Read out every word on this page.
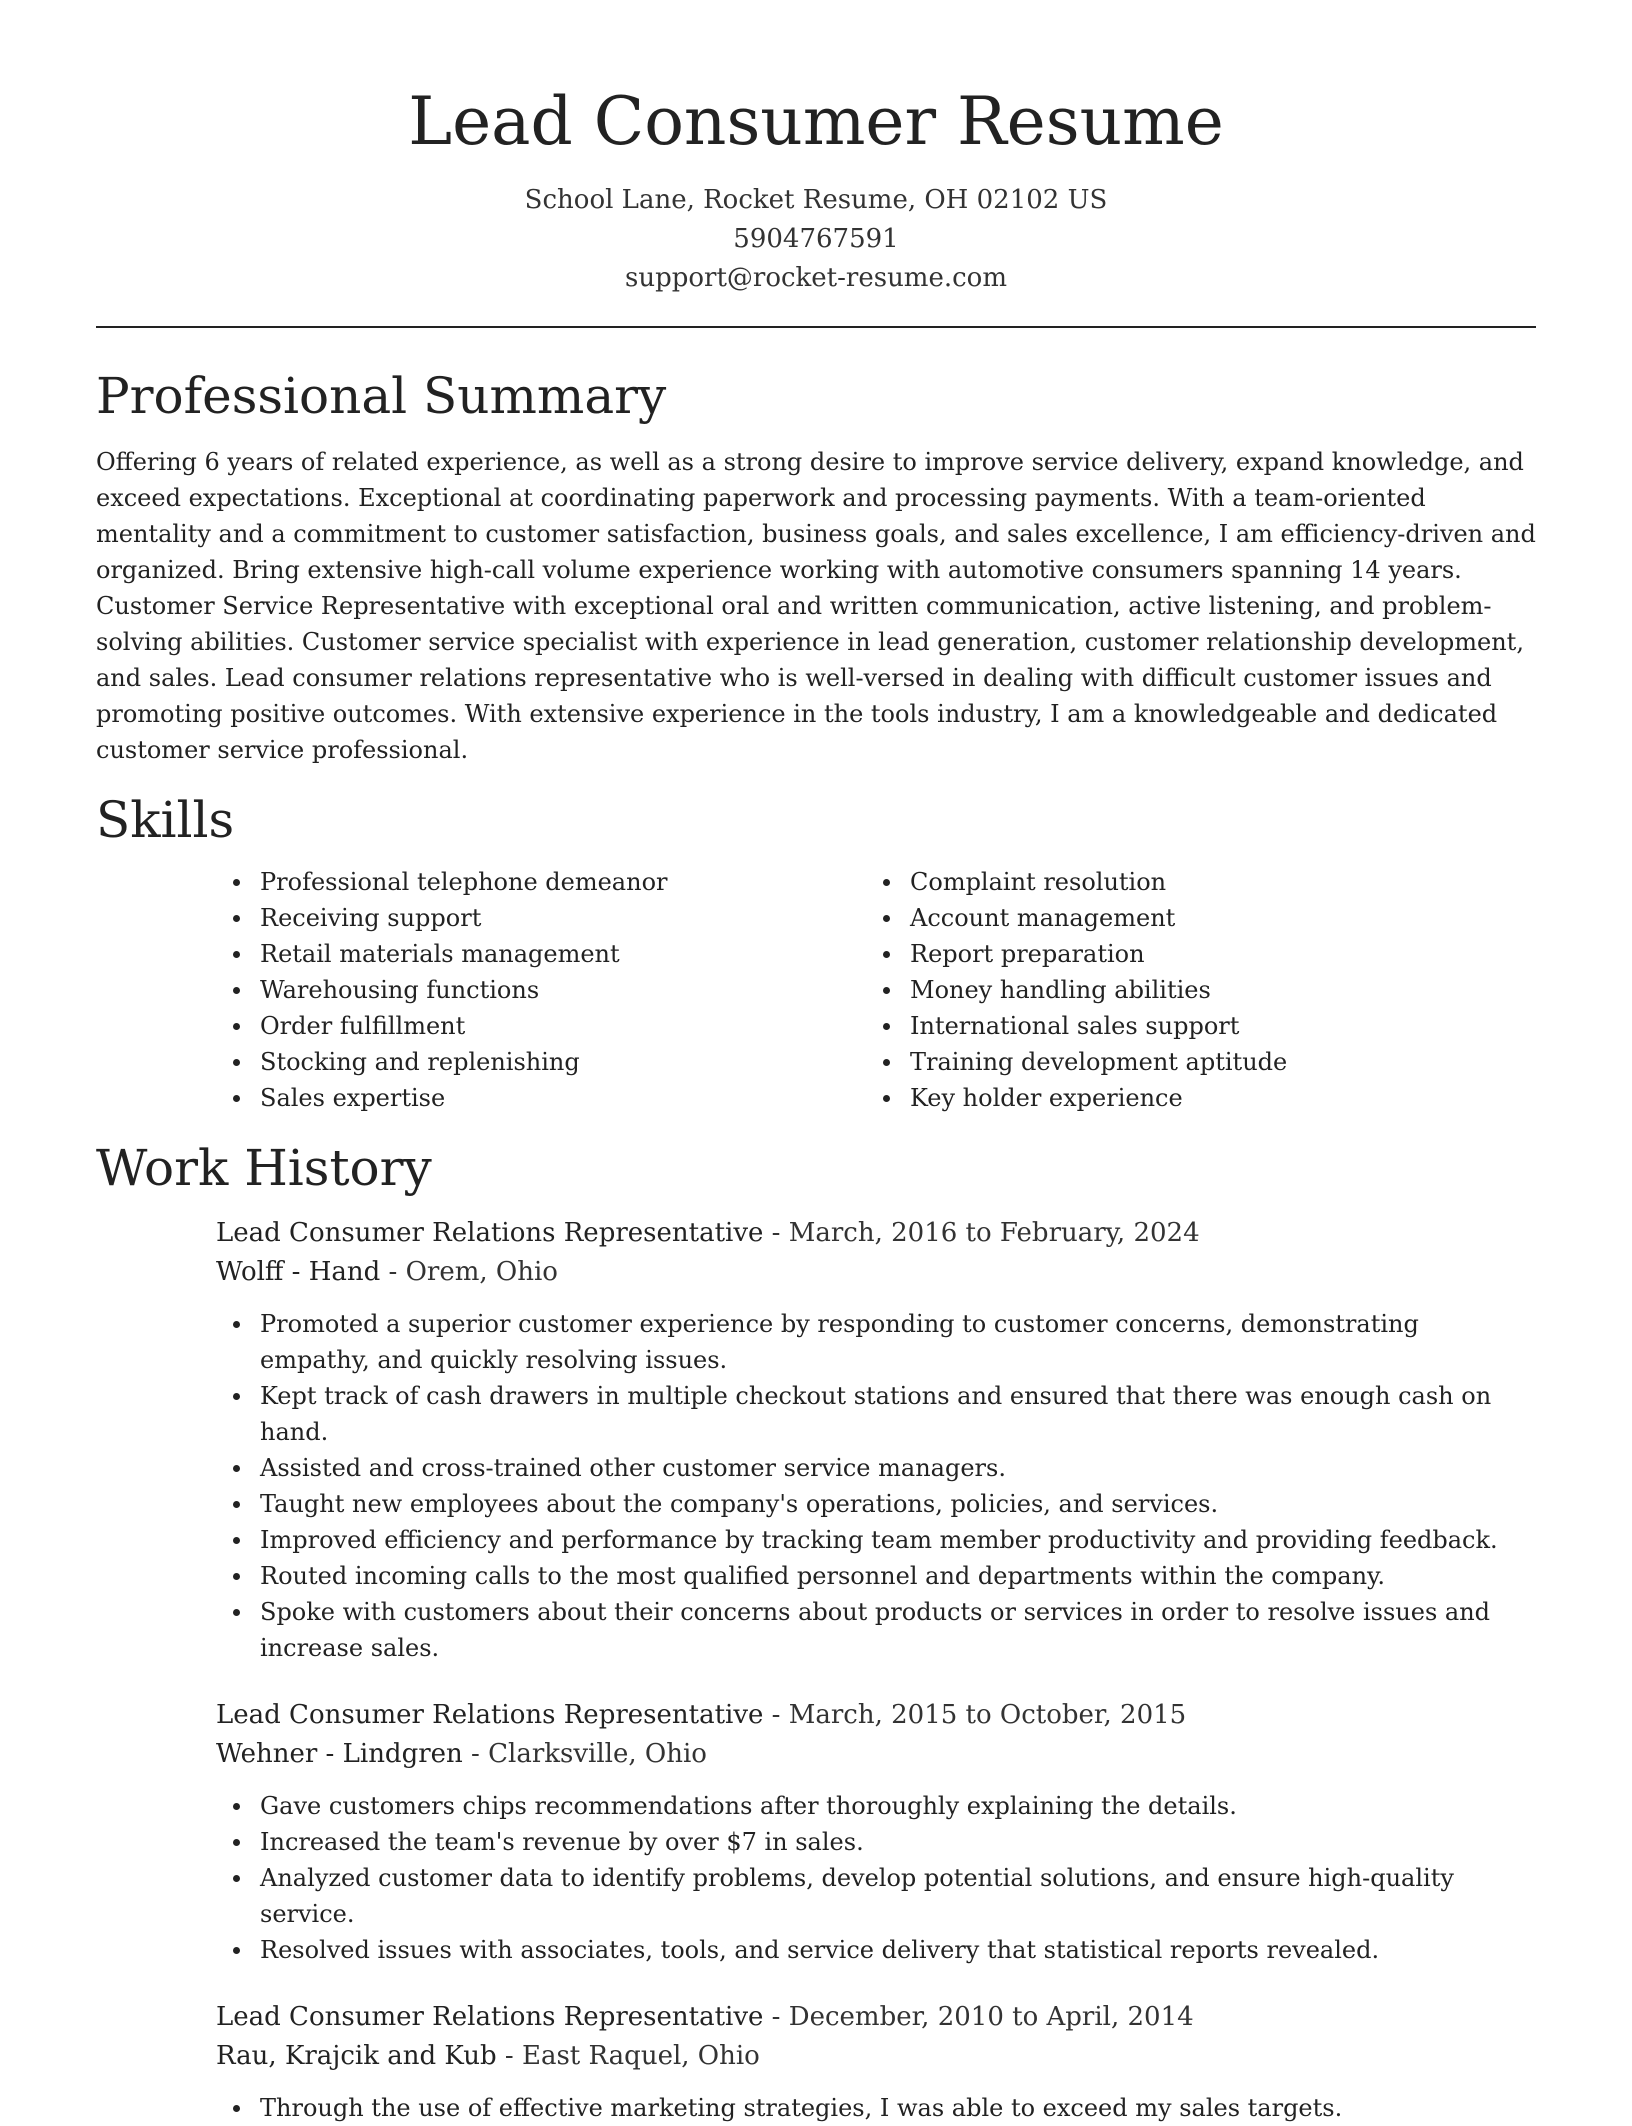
Lead Consumer Resume
School Lane, Rocket Resume, OH 02102 US
5904767591
support@rocket-resume.com
Professional Summary

Offering 6 years of related experience, as well as a strong desire to improve service delivery, expand knowledge, and exceed expectations. Exceptional at coordinating paperwork and processing payments. With a team-oriented mentality and a commitment to customer satisfaction, business goals, and sales excellence, I am efficiency-driven and organized. Bring extensive high-call volume experience working with automotive consumers spanning 14 years. Customer Service Representative with exceptional oral and written communication, active listening, and problem-solving abilities. Customer service specialist with experience in lead generation, customer relationship development, and sales. Lead consumer relations representative who is well-versed in dealing with difficult customer issues and promoting positive outcomes. With extensive experience in the tools industry, I am a knowledgeable and dedicated customer service professional.

Skills
Professional telephone demeanor
Receiving support
Retail materials management
Warehousing functions
Order fulfillment
Stocking and replenishing
Sales expertise
Complaint resolution
Account management
Report preparation
Money handling abilities
International sales support
Training development aptitude
Key holder experience
Work History
Lead Consumer Relations Representative - March, 2016 to February, 2024
Wolff - Hand - Orem, Ohio
Promoted a superior customer experience by responding to customer concerns, demonstrating empathy, and quickly resolving issues.
Kept track of cash drawers in multiple checkout stations and ensured that there was enough cash on hand.
Assisted and cross-trained other customer service managers.
Taught new employees about the company's operations, policies, and services.
Improved efficiency and performance by tracking team member productivity and providing feedback.
Routed incoming calls to the most qualified personnel and departments within the company.
Spoke with customers about their concerns about products or services in order to resolve issues and increase sales.
Lead Consumer Relations Representative - March, 2015 to October, 2015
Wehner - Lindgren - Clarksville, Ohio
Gave customers chips recommendations after thoroughly explaining the details.
Increased the team's revenue by over $7 in sales.
Analyzed customer data to identify problems, develop potential solutions, and ensure high-quality service.
Resolved issues with associates, tools, and service delivery that statistical reports revealed.
Lead Consumer Relations Representative - December, 2010 to April, 2014
Rau, Krajcik and Kub - East Raquel, Ohio
Through the use of effective marketing strategies, I was able to exceed my sales targets.
